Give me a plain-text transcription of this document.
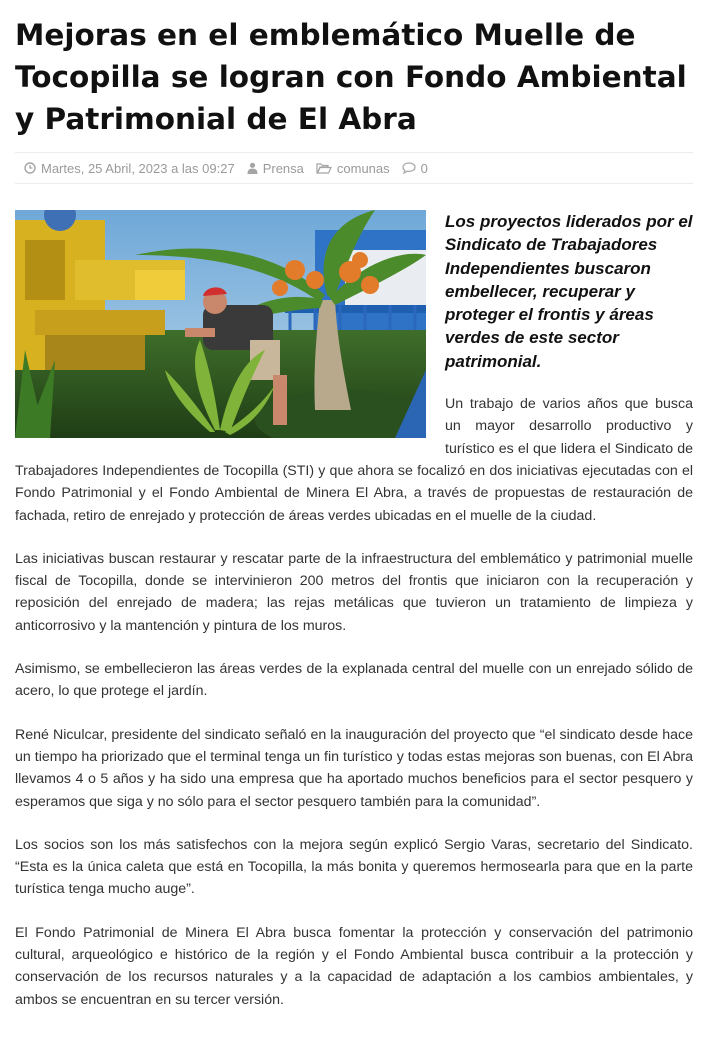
Mejoras en el emblemático Muelle de Tocopilla se logran con Fondo Ambiental y Patrimonial de El Abra
Martes, 25 Abril, 2023 a las 09:27 Prensa	comunas 0
Los proyectos liderados por el Sindicato de Trabajadores Independientes buscaron embellecer, recuperar y proteger el frontis y áreas verdes de este sector patrimonial.

Un trabajo de varios años que busca un mayor desarrollo productivo y turístico es el que lidera el Sindicato de Trabajadores Independientes de Tocopilla (STI) y que ahora se focalizó en dos iniciativas ejecutadas con el Fondo Patrimonial y el Fondo Ambiental de Minera El Abra, a través de propuestas de restauración de fachada, retiro de enrejado y protección de áreas verdes ubicadas en el muelle de la ciudad.

Las iniciativas buscan restaurar y rescatar parte de la infraestructura del emblemático y patrimonial muelle fiscal de Tocopilla, donde se intervinieron 200 metros del frontis que iniciaron con la recuperación y reposición del enrejado de madera; las rejas metálicas que tuvieron un tratamiento de limpieza y anticorrosivo y la mantención y pintura de los muros.

Asimismo, se embellecieron las áreas verdes de la explanada central del muelle con un enrejado sólido de acero, lo que protege el jardín.

René Niculcar, presidente del sindicato señaló en la inauguración del proyecto que “el sindicato desde hace un tiempo ha priorizado que el terminal tenga un fin turístico y todas estas mejoras son buenas, con El Abra llevamos 4 o 5 años y ha sido una empresa que ha aportado muchos beneficios para el sector pesquero y esperamos que siga y no sólo para el sector pesquero también para la comunidad”.

Los socios son los más satisfechos con la mejora según explicó Sergio Varas, secretario del Sindicato. “Esta es la única caleta que está en Tocopilla, la más bonita y queremos hermosearla para que en la parte turística tenga mucho auge”.

El Fondo Patrimonial de Minera El Abra busca fomentar la protección y conservación del patrimonio cultural, arqueológico e histórico de la región y el Fondo Ambiental busca contribuir a la protección y conservación de los recursos naturales y a la capacidad de adaptación a los cambios ambientales, y ambos se encuentran en su tercer versión.
